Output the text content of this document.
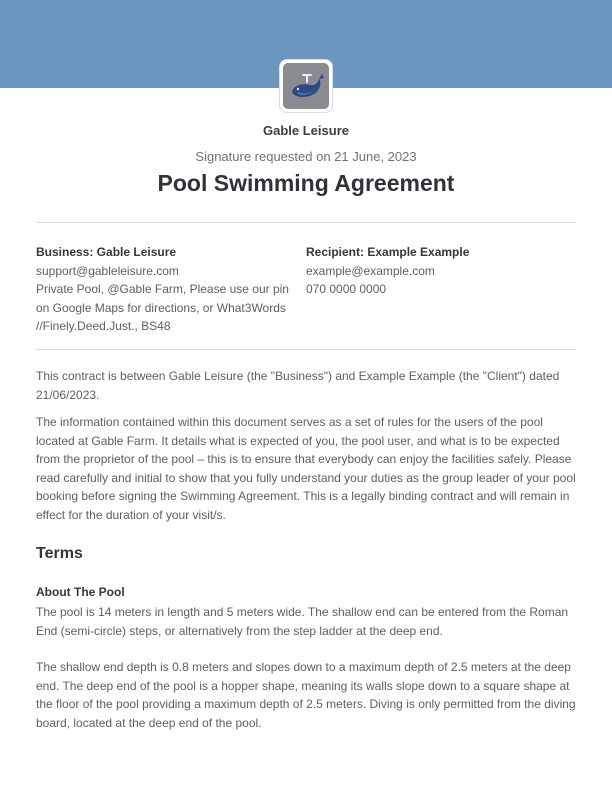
Gable Leisure
Signature requested on 21 June, 2023
Pool Swimming Agreement
Business: Gable Leisure
support@gableleisure.com
Private Pool, @Gable Farm, Please use our pin
on Google Maps for directions, or What3Words
//Finely.Deed.Just., BS48
Recipient: Example Example
example@example.com
070 0000 0000

This contract is between Gable Leisure (the "Business") and Example Example (the "Client") dated 21/06/2023.

The information contained within this document serves as a set of rules for the users of the pool located at Gable Farm. It details what is expected of you, the pool user, and what is to be expected from the proprietor of the pool – this is to ensure that everybody can enjoy the facilities safely. Please read carefully and initial to show that you fully understand your duties as the group leader of your pool booking before signing the Swimming Agreement. This is a legally binding contract and will remain in effect for the duration of your visit/s.

Terms
About The Pool

The pool is 14 meters in length and 5 meters wide. The shallow end can be entered from the Roman End (semi-circle) steps, or alternatively from the step ladder at the deep end.

The shallow end depth is 0.8 meters and slopes down to a maximum depth of 2.5 meters at the deep end. The deep end of the pool is a hopper shape, meaning its walls slope down to a square shape at the floor of the pool providing a maximum depth of 2.5 meters. Diving is only permitted from the diving board, located at the deep end of the pool.
